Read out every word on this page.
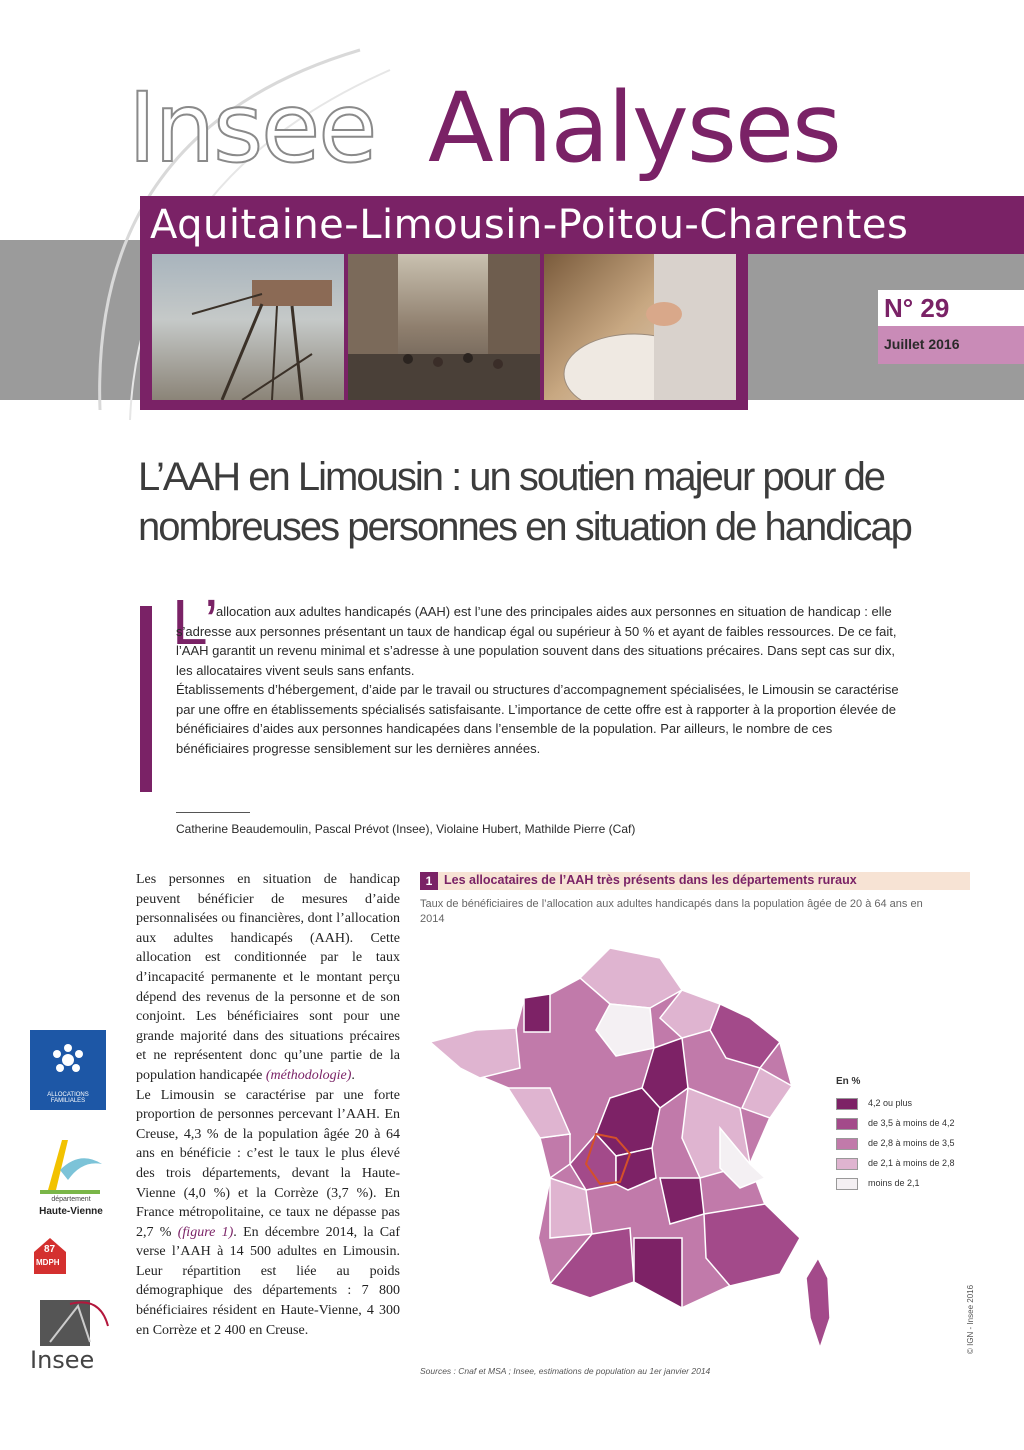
Insee Analyses
Aquitaine-Limousin-Poitou-Charentes
N° 29
Juillet 2016
L’AAH en Limousin : un soutien majeur pour de nombreuses personnes en situation de handicap
L’

allocation aux adultes handicapés (AAH) est l’une des principales aides aux personnes en situation de handicap : elle s’adresse aux personnes présentant un taux de handicap égal ou supérieur à 50 % et ayant de faibles ressources. De ce fait, l’AAH garantit un revenu minimal et s’adresse à une population souvent dans des situations précaires. Dans sept cas sur dix, les allocataires vivent seuls sans enfants.

Établissements d’hébergement, d’aide par le travail ou structures d’accompagnement spécialisées, le Limousin se caractérise par une offre en établissements spécialisés satisfaisante. L’importance de cette offre est à rapporter à la proportion élevée de bénéficiaires d’aides aux personnes handicapées dans l’ensemble de la population. Par ailleurs, le nombre de ces bénéficiaires progresse sensiblement sur les dernières années.

Catherine Beaudemoulin, Pascal Prévot (Insee), Violaine Hubert, Mathilde Pierre (Caf)

Les personnes en situation de handicap peuvent bénéficier de mesures d’aide personnalisées ou financières, dont l’allocation aux adultes handicapés (AAH). Cette allocation est conditionnée par le taux d’incapacité permanente et le montant perçu dépend des revenus de la personne et de son conjoint. Les bénéficiaires sont pour une grande majorité dans des situations précaires et ne représentent donc qu’une partie de la population handicapée (méthodologie).

Le Limousin se caractérise par une forte proportion de personnes percevant l’AAH. En Creuse, 4,3 % de la population âgée 20 à 64 ans en bénéficie : c’est le taux le plus élevé des trois départements, devant la Haute-Vienne (4,0 %) et la Corrèze (3,7 %). En France métropolitaine, ce taux ne dépasse pas 2,7 % (figure 1). En décembre 2014, la Caf verse l’AAH à 14 500 adultes en Limousin. Leur répartition est liée au poids démographique des départements : 7 800 bénéficiaires résident en Haute-Vienne, 4 300 en Corrèze et 2 400 en Creuse.

ALLOCATIONS FAMILIALES
département
Haute-Vienne
87
MDPH
Insee
1 Les allocataires de l’AAH très présents dans les départements ruraux
Taux de bénéficiaires de l’allocation aux adultes handicapés dans la population âgée de 20 à 64 ans en 2014
En %
4,2 ou plus
de 3,5 à moins de 4,2
de 2,8 à moins de 3,5
de 2,1 à moins de 2,8
moins de 2,1
© IGN - Insee 2016
Sources : Cnaf et MSA ; Insee, estimations de population au 1er janvier 2014
